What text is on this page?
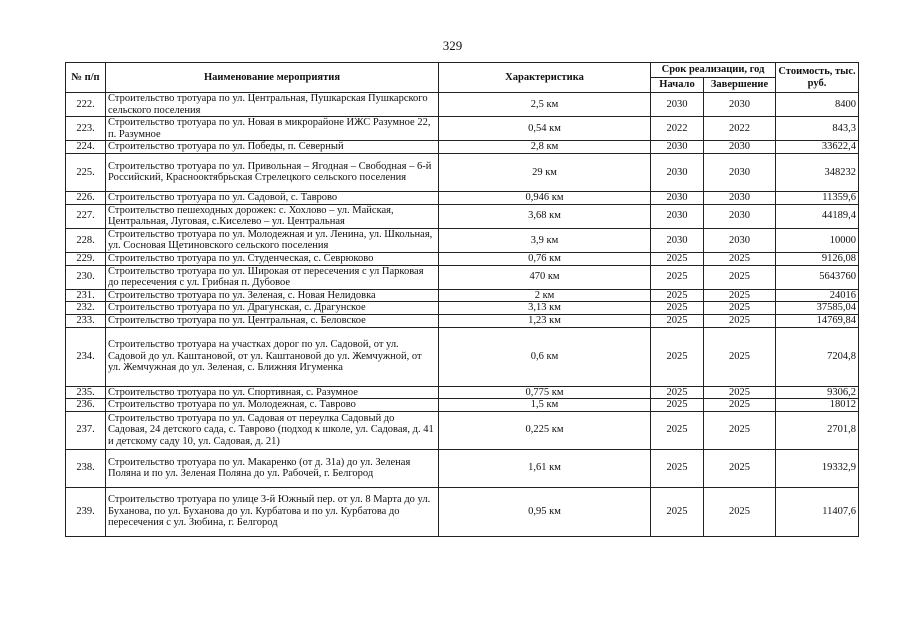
329
№ п/п	Наименование мероприятия	Характеристика	Срок реализации, год		Стоимость, тыс. руб.
			Начало	Завершение	
222.	Строительство тротуара по ул. Центральная, Пушкарская Пушкарского сельского поселения	2,5 км	2030	2030	8400
223.	Строительство тротуара по ул. Новая в микрорайоне ИЖС Разумное 22, п. Разумное	0,54 км	2022	2022	843,3
224.	Строительство тротуара по ул. Победы, п. Северный	2,8 км	2030	2030	33622,4
225.	Строительство тротуара по ул. Привольная – Ягодная – Свободная – 6-й Российский, Краснооктябрьская Стрелецкого сельского поселения	29 км	2030	2030	348232
226.	Строительство тротуара по ул. Садовой, с. Таврово	0,946 км	2030	2030	11359,6
227.	Строительство пешеходных дорожек: с. Хохлово – ул. Майская, Центральная, Луговая, с.Киселево – ул. Центральная	3,68 км	2030	2030	44189,4
228.	Строительство тротуара по ул. Молодежная и ул. Ленина, ул. Школьная, ул. Сосновая Щетиновского сельского поселения	3,9 км	2030	2030	10000
229.	Строительство тротуара по ул. Студенческая, с. Севрюково	0,76 км	2025	2025	9126,08
230.	Строительство тротуара по ул. Широкая от пересечения с ул Парковая до пересечения с ул. Грибная п. Дубовое	470 км	2025	2025	5643760
231.	Строительство тротуара по ул. Зеленая, с. Новая Нелидовка	2 км	2025	2025	24016
232.	Строительство тротуара по ул. Драгунская, с. Драгунское	3,13 км	2025	2025	37585,04
233.	Строительство тротуара по ул. Центральная, с. Беловское	1,23 км	2025	2025	14769,84
234.	Строительство тротуара на участках дорог по ул. Садовой, от ул. Садовой до ул. Каштановой, от ул. Каштановой до ул. Жемчужной, от ул. Жемчужная до ул. Зеленая, с. Ближняя Игуменка	0,6 км	2025	2025	7204,8
235.	Строительство тротуара по ул. Спортивная, с. Разумное	0,775 км	2025	2025	9306,2
236.	Строительство тротуара по ул. Молодежная, с. Таврово	1,5 км	2025	2025	18012
237.	Строительство тротуара по ул. Садовая от переулка Садовый до Садовая, 24 детского сада, с. Таврово (подход к школе, ул. Садовая, д. 41 и детскому саду 10, ул. Садовая, д. 21)	0,225 км	2025	2025	2701,8
238.	Строительство тротуара по ул. Макаренко (от д. 31а) до ул. Зеленая Поляна и по ул. Зеленая Поляна до ул. Рабочей, г. Белгород	1,61 км	2025	2025	19332,9
239.	Строительство тротуара по улице 3-й Южный пер. от ул. 8 Марта до ул. Буханова, по ул. Буханова до ул. Курбатова и по ул. Курбатова до пересечения с ул. Зюбина, г. Белгород	0,95 км	2025	2025	11407,6
